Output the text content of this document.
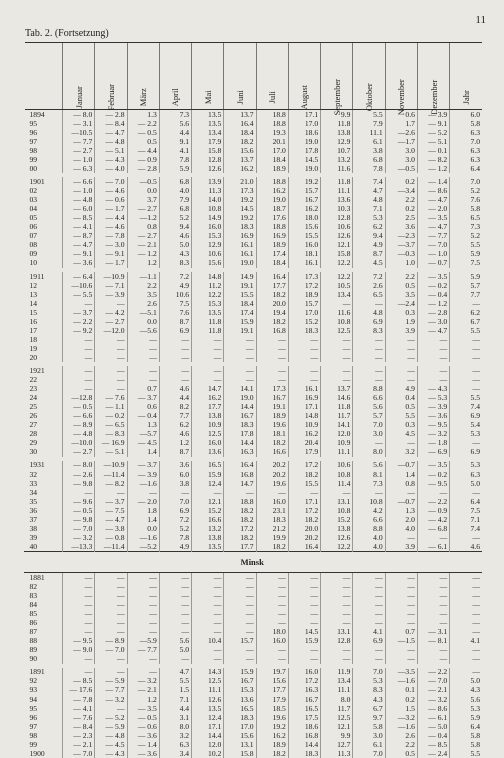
11
Tab. 2. (Fortsetzung)

	Januar	Februar	März	April	Mai	Juni	Juli	August	September	Oktober	November	Dezember	Jahr

1894	— 8.0	— 2.8	1.3	7.3	13.5	13.7	18.8	17.1	9.9	5.5	0.6	— 3.9	6.0
95	— 3.1	— 8.4	— 2.2	5.6	13.5	16.4	18.8	17.0	11.8	7.9	1.7	— 9.1	5.8
96	—10.5	— 4.7	— 0.5	4.4	13.4	18.4	19.3	18.6	13.8	11.1	—2.6	— 5.2	6.3
97	— 7.7	— 4.8	0.5	9.1	17.9	18.2	20.1	19.0	12.9	6.1	—1.7	— 5.1	7.0
98	— 2.7	— 5.1	— 4.4	4.1	15.8	15.6	17.0	17.8	10.7	3.8	3.0	— 0.1	6.3
99	— 1.0	— 4.3	— 0.9	7.8	12.8	13.7	18.4	14.5	13.2	6.8	3.0	— 8.2	6.3
00	— 6.3	— 4.0	— 2.8	5.9	12.6	16.2	18.9	19.0	11.6	7.8	—0.5	— 1.2	6.4

1901	— 6.6	— 7.0	—0.5	6.8	13.9	21.0	18.8	19.2	11.8	7.4	0.2	— 1.4	7.0
02	— 1.0	— 4.6	0.0	4.0	11.3	17.3	16.2	15.7	11.1	4.7	—3.4	— 8.6	5.2
03	— 4.8	— 0.6	3.7	7.9	14.0	19.2	19.0	16.7	13.6	4.8	2.2	— 4.7	7.6
04	— 6.0	— 1.7	— 2.7	6.8	10.8	14.5	18.7	16.2	10.3	7.1	0.2	— 2.0	5.8
05	— 8.5	— 4.4	—1.2	5.2	14.9	19.2	17.6	18.0	12.8	5.3	2.5	— 3.5	6.5
06	— 4.1	— 4.6	0.8	9.4	16.0	18.3	18.8	15.6	10.6	6.2	3.6	— 4.7	7.3
07	— 8.7	— 7.8	— 2.7	4.6	15.3	16.9	16.9	15.5	12.6	9.4	—2.3	— 7.7	5.2
08	— 4.7	— 3.0	— 2.1	5.0	12.9	16.1	18.9	16.0	12.1	4.9	—3.7	— 7.0	5.5
09	— 9.1	— 9.1	— 1.2	4.3	10.6	16.1	17.4	18.1	15.8	8.7	—0.3	— 1.0	5.9
10	— 3.6	— 1.7	1.2	8.3	15.6	19.0	18.4	16.1	12.2	4.5	1.0	— 0.7	7.5

1911	— 6.4	—10.9	—1.1	7.2	14.8	14.9	16.4	17.3	12.2	7.2	2.2	— 3.5	5.9
12	—10.6	— 7.1	2.2	4.9	11.2	19.1	17.7	17.2	10.5	2.6	0.5	— 0.2	5.7
13	— 5.5	— 3.9	3.5	10.6	12.2	15.5	18.2	18.9	13.4	6.5	3.5	— 0.4	7.7
14	—	—	2.6	7.5	15.3	18.4	20.0	15.7	—	—	—2.4	— 1.2	—
15	— 3.7	— 4.2	—5.1	7.6	13.5	17.4	19.4	17.0	11.6	4.8	0.3	— 2.8	6.2
16	— 2.2	— 2.7	0.0	8.7	11.8	15.9	18.2	15.2	10.8	6.9	1.9	— 3.0	6.7
17	— 9.2	—12.0	—5.6	6.9	11.8	19.1	16.8	18.3	12.5	8.3	3.9	— 4.7	5.5
18	—	—	—	—	—	—	—	—	—	—	—	—	—
19	—	—	—	—	—	—	—	—	—	—	—	—	—
20	—	—	—	—	—	—	—	—	—	—	—	—	—

1921	—	—	—	—	—	—	—	—	—	—	—	—	—
22	—	—	—	—	—	—	—	—	—	—	—	—	—
23	—	—	0.7	4.6	14.7	14.1	17.3	16.1	13.7	8.8	4.9	— 4.3	—
24	—12.8	— 7.6	— 3.7	4.4	16.2	19.0	16.7	16.9	14.6	6.6	0.4	— 5.3	5.5
25	— 0.5	— 1.1	0.6	8.2	17.7	14.4	19.1	17.1	11.8	5.6	0.5	— 3.9	7.4
26	— 6.6	— 0.2	— 0.4	7.7	13.8	16.7	18.9	14.8	11.7	5.7	5.5	— 3.6	6.9
27	— 8.9	— 6.5	1.3	6.2	10.9	18.3	19.6	10.9	14.1	7.0	0.3	— 9.5	5.4
28	— 4.8	— 8.3	—5.7	4.6	12.5	17.8	18.1	16.2	12.0	3.0	4.5	— 3.2	5.3
29	—10.0	— 16.9	— 4.5	1.2	16.0	14.4	18.2	20.4	10.9	—	—	— 1.8	—
30	— 2.7	— 5.1	1.4	8.7	13.6	16.3	16.6	17.9	11.1	8.0	3.2	— 6.9	6.9

1931	— 8.0	—10.9	— 3.7	3.6	16.5	16.4	20.2	17.2	10.6	5.6	—0.7	— 3.5	5.3
32	— 2.6	—11.4	— 3.9	6.0	15.9	16.8	20.2	18.2	10.8	8.1	1.4	— 0.2	6.3
33	— 9.8	— 8.2	—1.6	3.8	12.4	14.7	19.6	15.5	11.4	7.3	0.8	— 9.5	5.0
34	—	—	—	—	—	—	—	—	—	—	—	—	—
35	— 9.6	— 3.7	— 2.0	7.0	12.1	18.8	16.0	17.1	13.1	10.8	—0.7	— 2.2	6.4
36	— 0.5	— 7.5	1.8	6.9	15.2	18.2	23.1	17.2	10.8	4.2	1.3	— 0.9	7.5
37	— 9.8	— 4.7	1.4	7.2	16.6	18.2	18.3	18.2	15.2	6.6	2.0	— 4.2	7.1
38	— 7.0	— 3.8	0.0	5.2	13.2	17.2	21.2	20.0	13.8	8.8	4.0	— 6.8	7.4
39	— 3.2	— 0.8	—1.6	7.8	13.8	18.2	19.9	20.2	12.6	4.0	—	—	—
40	—13.3	—11.4	—5.2	4.9	13.5	17.7	18.2	16.4	12.2	4.0	3.9	— 6.1	4.6

Minsk													

1881	—	—	—	—	—	—	—	—	—	—	—	—	—
82	—	—	—	—	—	—	—	—	—	—	—	—	—
83	—	—	—	—	—	—	—	—	—	—	—	—	—
84	—	—	—	—	—	—	—	—	—	—	—	—	—
85	—	—	—	—	—	—	—	—	—	—	—	—	—
86	—	—	—	—	—	—	—	—	—	—	—	—	—
87	—	—	—	—	—	—	18.0	14.5	13.1	4.1	0.7	— 3.1	—
88	— 9.5	— 8.9	—5.9	5.6	10.4	15.7	16.0	15.9	12.8	6.9	—1.5	— 8.1	4.1
89	— 9.0	— 7.0	— 7.7	5.0	—	—	—	—	—	—	—	—	—
90	—	—	—	—	—	—	—	—	—	—	—	—	—

1891	—	—	—	4.7	14.3	15.9	19.7	16.0	11.9	7.0	—3.5	— 2.2	—
92	— 8.5	— 5.9	— 3.2	5.5	12.5	16.7	15.6	17.2	13.4	5.3	—1.6	— 7.0	5.0
93	— 17.6	— 7.7	— 2.1	1.5	11.1	15.3	17.7	16.3	11.1	8.3	0.1	— 2.1	4.3
94	— 7.8	— 3.2	1.2	7.1	12.6	13.6	17.9	16.7	8.0	4.3	0.2	— 3.2	5.6
95	— 4.1	—	— 3.5	4.4	13.5	16.5	18.5	16.5	11.7	6.7	1.5	— 8.6	5.3
96	— 7.6	— 5.2	— 0.5	3.1	12.4	18.3	19.6	17.5	12.5	9.7	—3.2	— 6.1	5.9
97	— 8.4	— 5.9	— 0.6	8.0	17.1	17.0	19.2	18.6	12.1	5.8	—1.6	— 5.0	6.4
98	— 2.3	— 4.8	— 3.6	3.2	14.4	15.6	16.2	16.8	9.9	3.0	2.6	— 0.4	5.8
99	— 2.1	— 4.5	— 1.4	6.3	12.0	13.1	18.9	14.4	12.7	6.1	2.2	— 8.5	5.8
1900	— 7.0	— 4.3	— 3.6	3.4	10.2	15.8	18.2	18.3	11.3	7.0	0.5	— 2.4	5.5
